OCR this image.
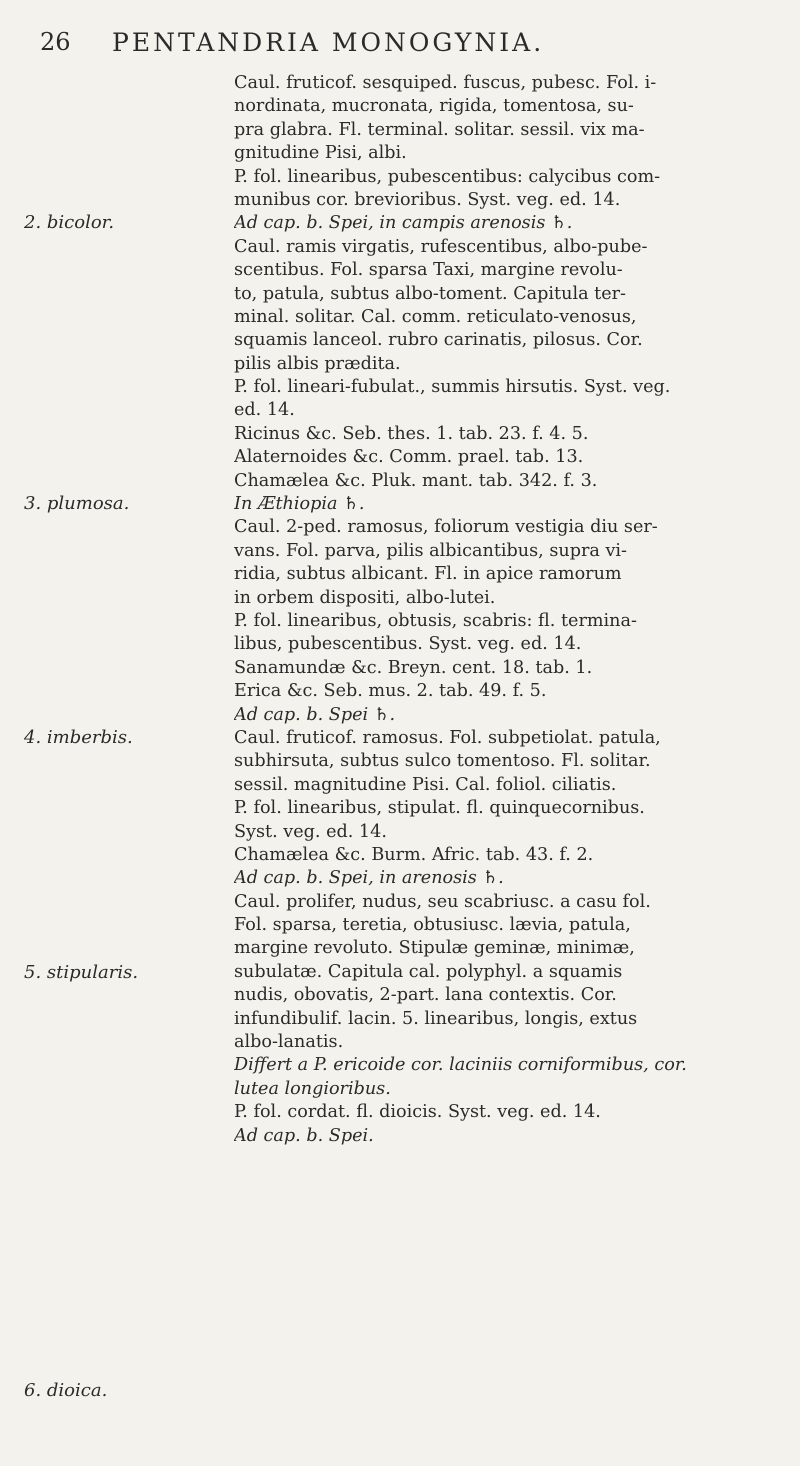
26 PENTANDRIA MONOGYNIA.
2. bicolor.
3. plumosa.
4. imberbis.
5. stipularis.
6. dioica.
Caul. fruticof. sesquiped. fuscus, pubesc. Fol. i-
nordinata, mucronata, rigida, tomentosa, su-
pra glabra. Fl. terminal. solitar. sessil. vix ma-
gnitudine Pisi, albi.
P. fol. linearibus, pubescentibus: calycibus com-
munibus cor. brevioribus. Syst. veg. ed. 14.
Ad cap. b. Spei, in campis arenosis ♄.
Caul. ramis virgatis, rufescentibus, albo-pube-
scentibus. Fol. sparsa Taxi, margine revolu-
to, patula, subtus albo-toment. Capitula ter-
minal. solitar. Cal. comm. reticulato-venosus,
squamis lanceol. rubro carinatis, pilosus. Cor.
pilis albis prædita.
P. fol. lineari-fubulat., summis hirsutis. Syst. veg.
ed. 14.
Ricinus &c. Seb. thes. 1. tab. 23. f. 4. 5.
Alaternoides &c. Comm. prael. tab. 13.
Chamælea &c. Pluk. mant. tab. 342. f. 3.
In Æthiopia ♄.
Caul. 2-ped. ramosus, foliorum vestigia diu ser-
vans. Fol. parva, pilis albicantibus, supra vi-
ridia, subtus albicant. Fl. in apice ramorum
in orbem dispositi, albo-lutei.
P. fol. linearibus, obtusis, scabris: fl. termina-
libus, pubescentibus. Syst. veg. ed. 14.
Sanamundæ &c. Breyn. cent. 18. tab. 1.
Erica &c. Seb. mus. 2. tab. 49. f. 5.
Ad cap. b. Spei ♄.
Caul. fruticof. ramosus. Fol. subpetiolat. patula,
subhirsuta, subtus sulco tomentoso. Fl. solitar.
sessil. magnitudine Pisi. Cal. foliol. ciliatis.
P. fol. linearibus, stipulat. fl. quinquecornibus.
Syst. veg. ed. 14.
Chamælea &c. Burm. Afric. tab. 43. f. 2.
Ad cap. b. Spei, in arenosis ♄.
Caul. prolifer, nudus, seu scabriusc. a casu fol.
Fol. sparsa, teretia, obtusiusc. lævia, patula,
margine revoluto. Stipulæ geminæ, minimæ,
subulatæ. Capitula cal. polyphyl. a squamis
nudis, obovatis, 2-part. lana contextis. Cor.
infundibulif. lacin. 5. linearibus, longis, extus
albo-lanatis.
Differt a P. ericoide cor. laciniis corniformibus, cor.
lutea longioribus.
P. fol. cordat. fl. dioicis. Syst. veg. ed. 14.
Ad cap. b. Spei.
